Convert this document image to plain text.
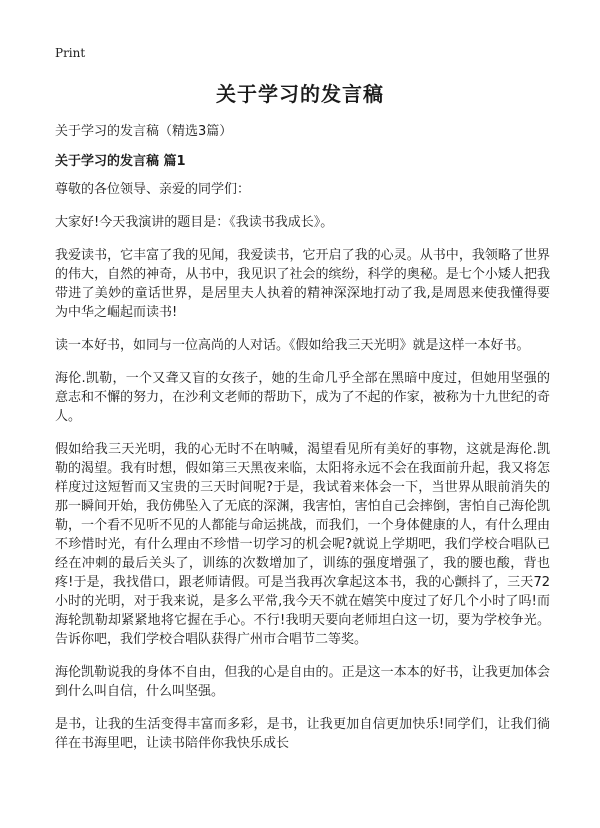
Print
关于学习的发言稿

关于学习的发言稿（精选3篇）

关于学习的发言稿 篇1

尊敬的各位领导、亲爱的同学们：

大家好!今天我演讲的题目是：《我读书我成长》。

我爱读书，它丰富了我的见闻，我爱读书，它开启了我的心灵。从书中，我领略了世界的伟大，自然的神奇，从书中，我见识了社会的缤纷，科学的奥秘。是七个小矮人把我带进了美妙的童话世界，是居里夫人执着的精神深深地打动了我,是周恩来使我懂得要为中华之崛起而读书!

读一本好书，如同与一位高尚的人对话。《假如给我三天光明》就是这样一本好书。

海伦.凯勒，一个又聋又盲的女孩子，她的生命几乎全部在黑暗中度过，但她用坚强的意志和不懈的努力，在沙利文老师的帮助下，成为了不起的作家，被称为十九世纪的奇人。

假如给我三天光明，我的心无时不在呐喊，渴望看见所有美好的事物，这就是海伦.凯勒的渴望。我有时想，假如第三天黑夜来临，太阳将永远不会在我面前升起，我又将怎样度过这短暂而又宝贵的三天时间呢?于是，我试着来体会一下，当世界从眼前消失的那一瞬间开始，我仿佛坠入了无底的深渊，我害怕，害怕自己会摔倒，害怕自己海伦凯勒，一个看不见听不见的人都能与命运挑战，而我们，一个身体健康的人，有什么理由不珍惜时光，有什么理由不珍惜一切学习的机会呢?就说上学期吧，我们学校合唱队已经在冲刺的最后关头了，训练的次数增加了，训练的强度增强了，我的腰也酸，背也疼!于是，我找借口，跟老师请假。可是当我再次拿起这本书，我的心颤抖了，三天72小时的光明，对于我来说，是多么平常,我今天不就在嬉笑中度过了好几个小时了吗!而海轮凯勒却紧紧地将它握在手心。不行!我明天要向老师坦白这一切，要为学校争光。告诉你吧，我们学校合唱队获得广州市合唱节二等奖。

海伦凯勒说我的身体不自由，但我的心是自由的。正是这一本本的好书，让我更加体会到什么叫自信，什么叫坚强。

是书，让我的生活变得丰富而多彩，是书，让我更加自信更加快乐!同学们，让我们徜徉在书海里吧，让读书陪伴你我快乐成长
